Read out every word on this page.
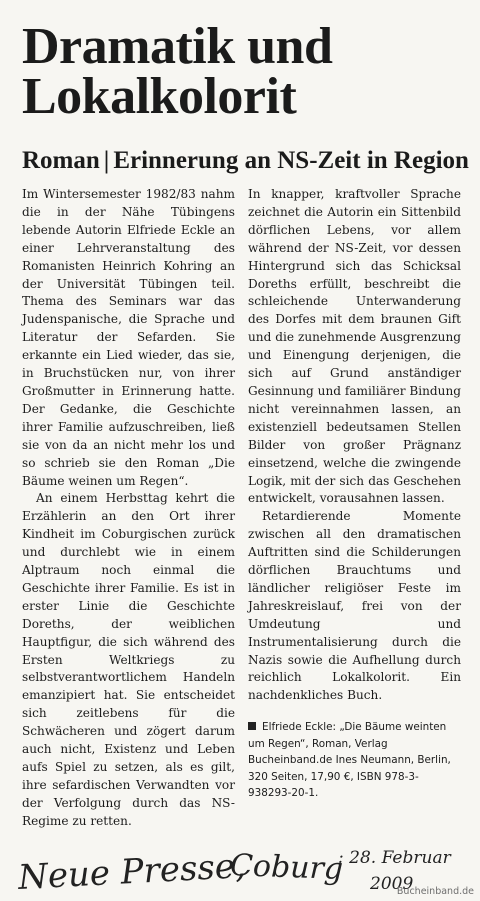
Dramatik und
Lokalkolorit
Roman | Erinnerung an NS-Zeit in Region

Im Wintersemester 1982/83 nahm die in der Nähe Tübingens lebende Autorin Elfriede Eckle an einer Lehrveranstaltung des Romanisten Heinrich Kohring an der Universität Tübingen teil. Thema des Seminars war das Judenspanische, die Sprache und Literatur der Sefarden. Sie erkannte ein Lied wieder, das sie, in Bruchstücken nur, von ihrer Großmutter in Erinnerung hatte. Der Gedanke, die Geschichte ihrer Familie aufzuschreiben, ließ sie von da an nicht mehr los und so schrieb sie den Roman „Die Bäume weinen um Regen“.

An einem Herbsttag kehrt die Erzählerin an den Ort ihrer Kindheit im Coburgischen zurück und durchlebt wie in einem Alptraum noch einmal die Geschichte ihrer Familie. Es ist in erster Linie die Geschichte Doreths, der weiblichen Hauptfigur, die sich während des Ersten Weltkriegs zu selbstverantwortlichem Handeln emanzipiert hat. Sie entscheidet sich zeitlebens für die Schwächeren und zögert darum auch nicht, Existenz und Leben aufs Spiel zu setzen, als es gilt, ihre sefardischen Verwandten vor der Verfolgung durch das NS-Regime zu retten.

In knapper, kraftvoller Sprache zeichnet die Autorin ein Sittenbild dörflichen Lebens, vor allem während der NS-Zeit, vor dessen Hintergrund sich das Schicksal Doreths erfüllt, beschreibt die schleichende Unterwanderung des Dorfes mit dem braunen Gift und die zunehmende Ausgrenzung und Einengung derjenigen, die sich auf Grund anständiger Gesinnung und familiärer Bindung nicht vereinnahmen lassen, an existenziell bedeutsamen Stellen Bilder von großer Prägnanz einsetzend, welche die zwingende Logik, mit der sich das Geschehen entwickelt, vorausahnen lassen.

Retardierende Momente zwischen all den dramatischen Auftritten sind die Schilderungen dörflichen Brauchtums und ländlicher religiöser Feste im Jahreskreislauf, frei von der Umdeutung und Instrumentalisierung durch die Nazis sowie die Aufhellung durch reichlich Lokalkolorit. Ein nachdenkliches Buch.

Elfriede Eckle: „Die Bäume weinten um Regen“, Roman, Verlag Bucheinband.de Ines Neumann, Berlin, 320 Seiten, 17,90 €, ISBN 978-3-938293-20-1.
Neue Presse,
Coburg
: 28. Februar
2009
Bucheinband.de
